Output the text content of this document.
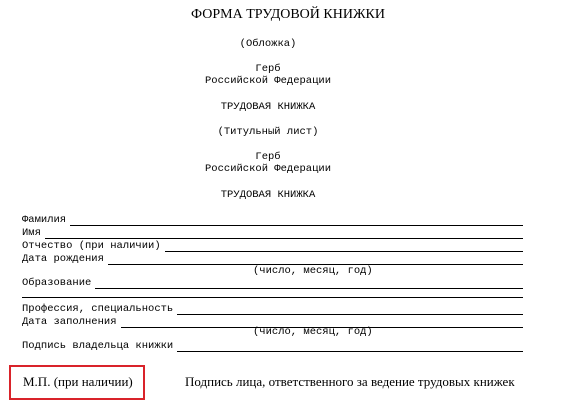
ФОРМА ТРУДОВОЙ КНИЖКИ
(Обложка)
Герб
Российской Федерации
ТРУДОВАЯ КНИЖКА
(Титульный лист)
Герб
Российской Федерации
ТРУДОВАЯ КНИЖКА
Фамилия
Имя
Отчество (при наличии)
Дата рождения
(число, месяц, год)
Образование
Профессия, специальность
Дата заполнения
(число, месяц, год)
Подпись владельца книжки
М.П. (при наличии)	Подпись лица, ответственного за ведение трудовых книжек
